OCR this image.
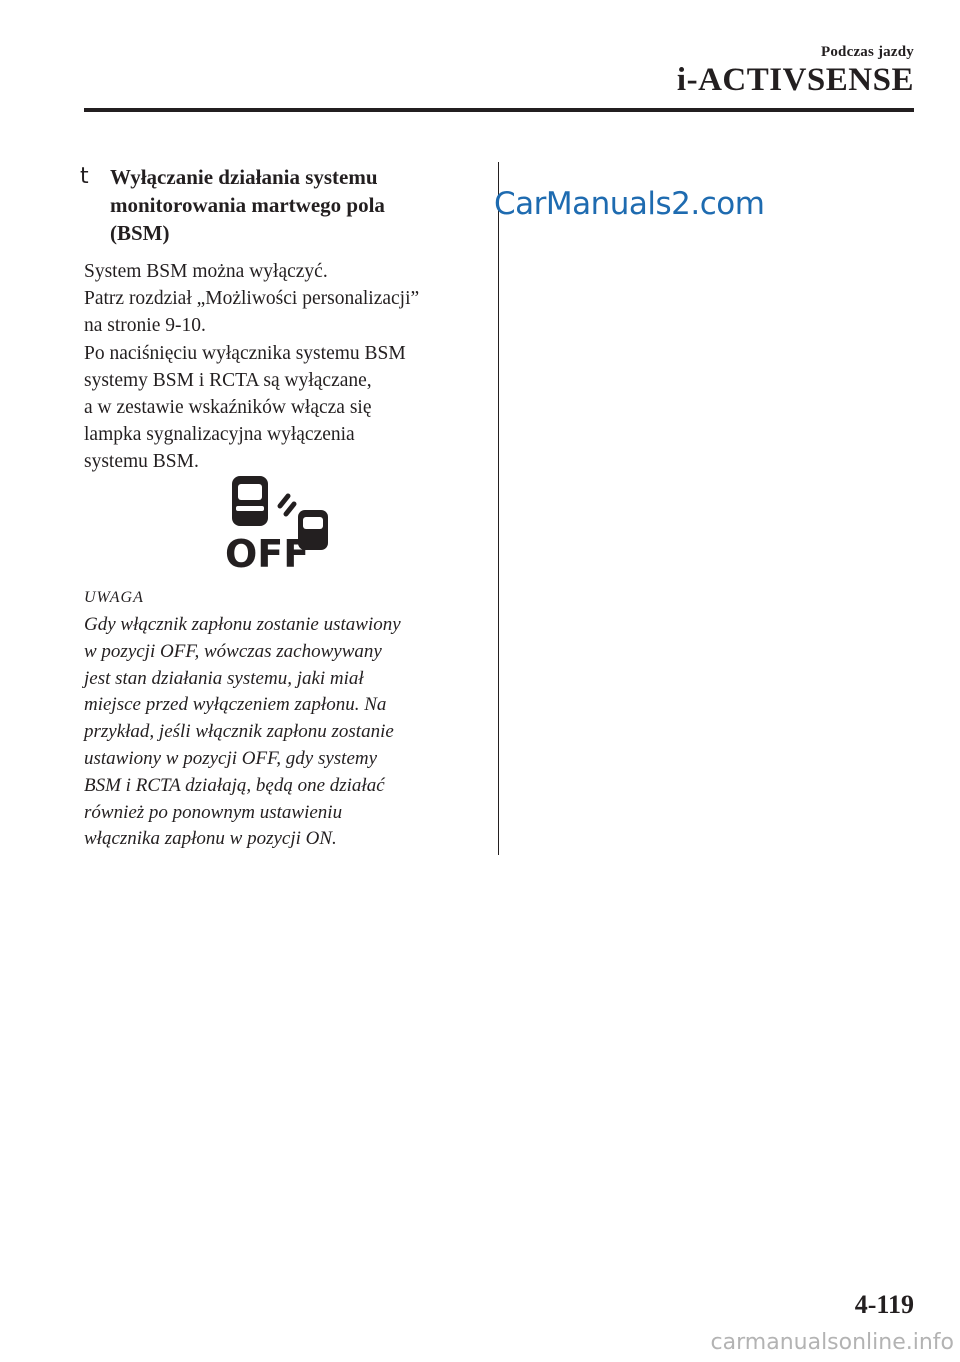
Podczas jazdy
i-ACTIVSENSE
CarManuals2.com
t Wyłączanie działania systemu
monitorowania martwego pola
(BSM)

System BSM można wyłączyć.

Patrz rozdział „Możliwości personalizacji”

na stronie 9-10.

Po naciśnięciu wyłącznika systemu BSM

systemy BSM i RCTA są wyłączane,

a w zestawie wskaźników włącza się

lampka sygnalizacyjna wyłączenia

systemu BSM.

OFF
UWAGA
Gdy włącznik zapłonu zostanie ustawiony
w pozycji OFF, wówczas zachowywany
jest stan działania systemu, jaki miał
miejsce przed wyłączeniem zapłonu. Na
przykład, jeśli włącznik zapłonu zostanie
ustawiony w pozycji OFF, gdy systemy
BSM i RCTA działają, będą one działać
również po ponownym ustawieniu
włącznika zapłonu w pozycji ON.
4-119
carmanualsonline.info
